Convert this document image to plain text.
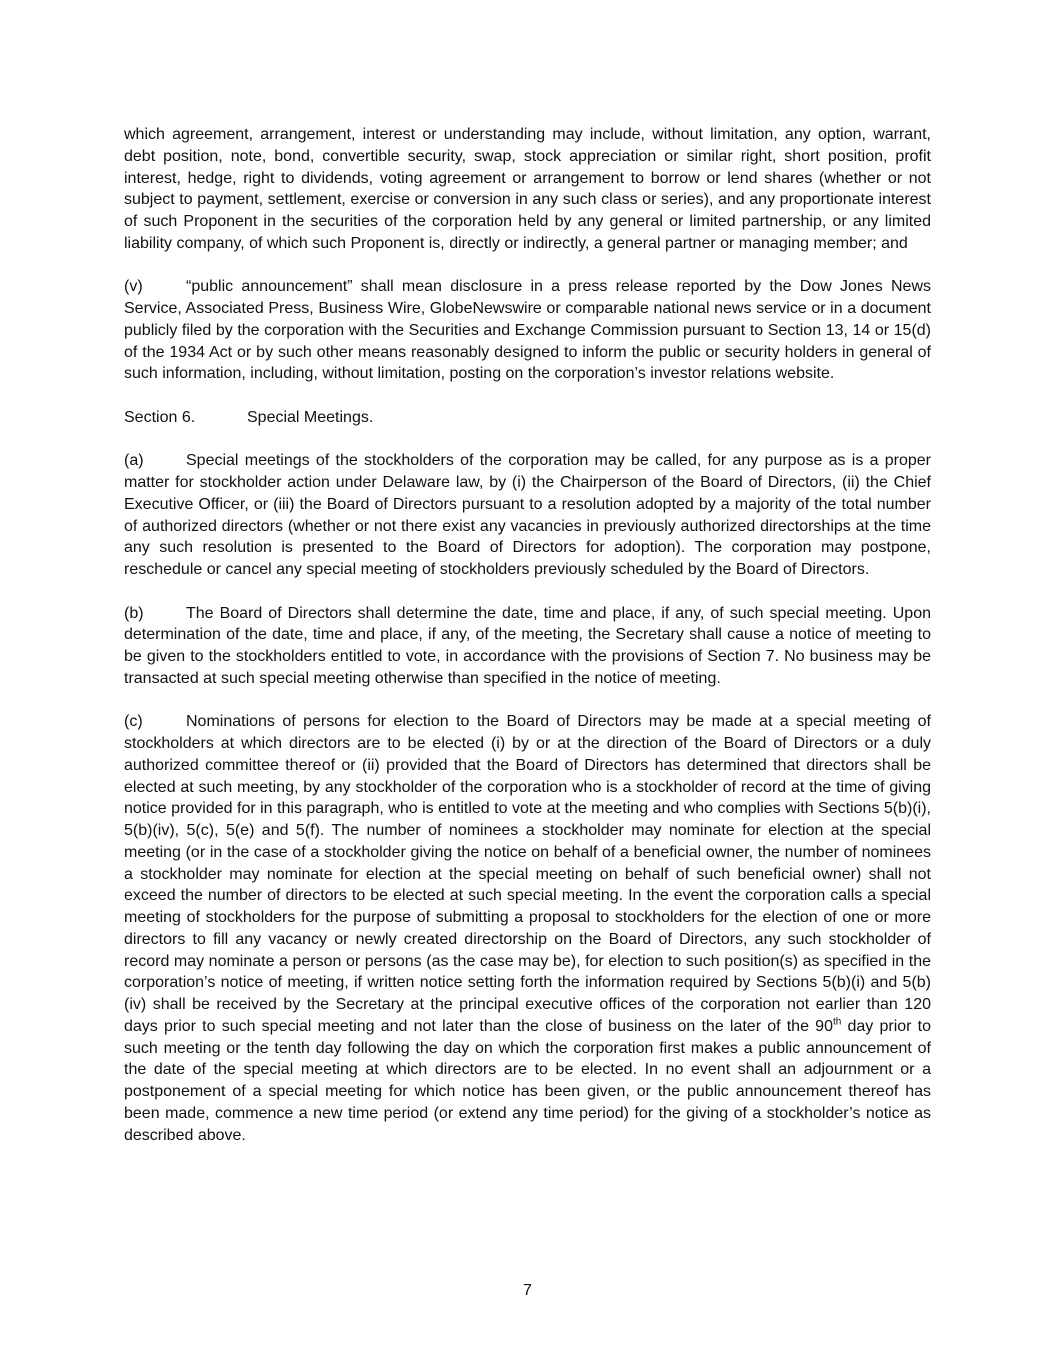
which agreement, arrangement, interest or understanding may include, without limitation, any option, warrant, debt position, note, bond, convertible security, swap, stock appreciation or similar right, short position, profit interest, hedge, right to dividends, voting agreement or arrangement to borrow or lend shares (whether or not subject to payment, settlement, exercise or conversion in any such class or series), and any proportionate interest of such Proponent in the securities of the corporation held by any general or limited partnership, or any limited liability company, of which such Proponent is, directly or indirectly, a general partner or managing member; and

(v)	“public announcement” shall mean disclosure in a press release reported by the Dow Jones News Service, Associated Press, Business Wire, GlobeNewswire or comparable national news service or in a document publicly filed by the corporation with the Securities and Exchange Commission pursuant to Section 13, 14 or 15(d) of the 1934 Act or by such other means reasonably designed to inform the public or security holders in general of such information, including, without limitation, posting on the corporation’s investor relations website.

Section 6.	Special Meetings.

(a)	Special meetings of the stockholders of the corporation may be called, for any purpose as is a proper matter for stockholder action under Delaware law, by (i) the Chairperson of the Board of Directors, (ii) the Chief Executive Officer, or (iii) the Board of Directors pursuant to a resolution adopted by a majority of the total number of authorized directors (whether or not there exist any vacancies in previously authorized directorships at the time any such resolution is presented to the Board of Directors for adoption). The corporation may postpone, reschedule or cancel any special meeting of stockholders previously scheduled by the Board of Directors.

(b)	The Board of Directors shall determine the date, time and place, if any, of such special meeting. Upon determination of the date, time and place, if any, of the meeting, the Secretary shall cause a notice of meeting to be given to the stockholders entitled to vote, in accordance with the provisions of Section 7. No business may be transacted at such special meeting otherwise than specified in the notice of meeting.

(c)	Nominations of persons for election to the Board of Directors may be made at a special meeting of stockholders at which directors are to be elected (i) by or at the direction of the Board of Directors or a duly authorized committee thereof or (ii) provided that the Board of Directors has determined that directors shall be elected at such meeting, by any stockholder of the corporation who is a stockholder of record at the time of giving notice provided for in this paragraph, who is entitled to vote at the meeting and who complies with Sections 5(b)(i), 5(b)(iv), 5(c), 5(e) and 5(f). The number of nominees a stockholder may nominate for election at the special meeting (or in the case of a stockholder giving the notice on behalf of a beneficial owner, the number of nominees a stockholder may nominate for election at the special meeting on behalf of such beneficial owner) shall not exceed the number of directors to be elected at such special meeting. In the event the corporation calls a special meeting of stockholders for the purpose of submitting a proposal to stockholders for the election of one or more directors to fill any vacancy or newly created directorship on the Board of Directors, any such stockholder of record may nominate a person or persons (as the case may be), for election to such position(s) as specified in the corporation’s notice of meeting, if written notice setting forth the information required by Sections 5(b)(i) and 5(b)(iv) shall be received by the Secretary at the principal executive offices of the corporation not earlier than 120 days prior to such special meeting and not later than the close of business on the later of the 90th day prior to such meeting or the tenth day following the day on which the corporation first makes a public announcement of the date of the special meeting at which directors are to be elected. In no event shall an adjournment or a postponement of a special meeting for which notice has been given, or the public announcement thereof has been made, commence a new time period (or extend any time period) for the giving of a stockholder’s notice as described above.

7
